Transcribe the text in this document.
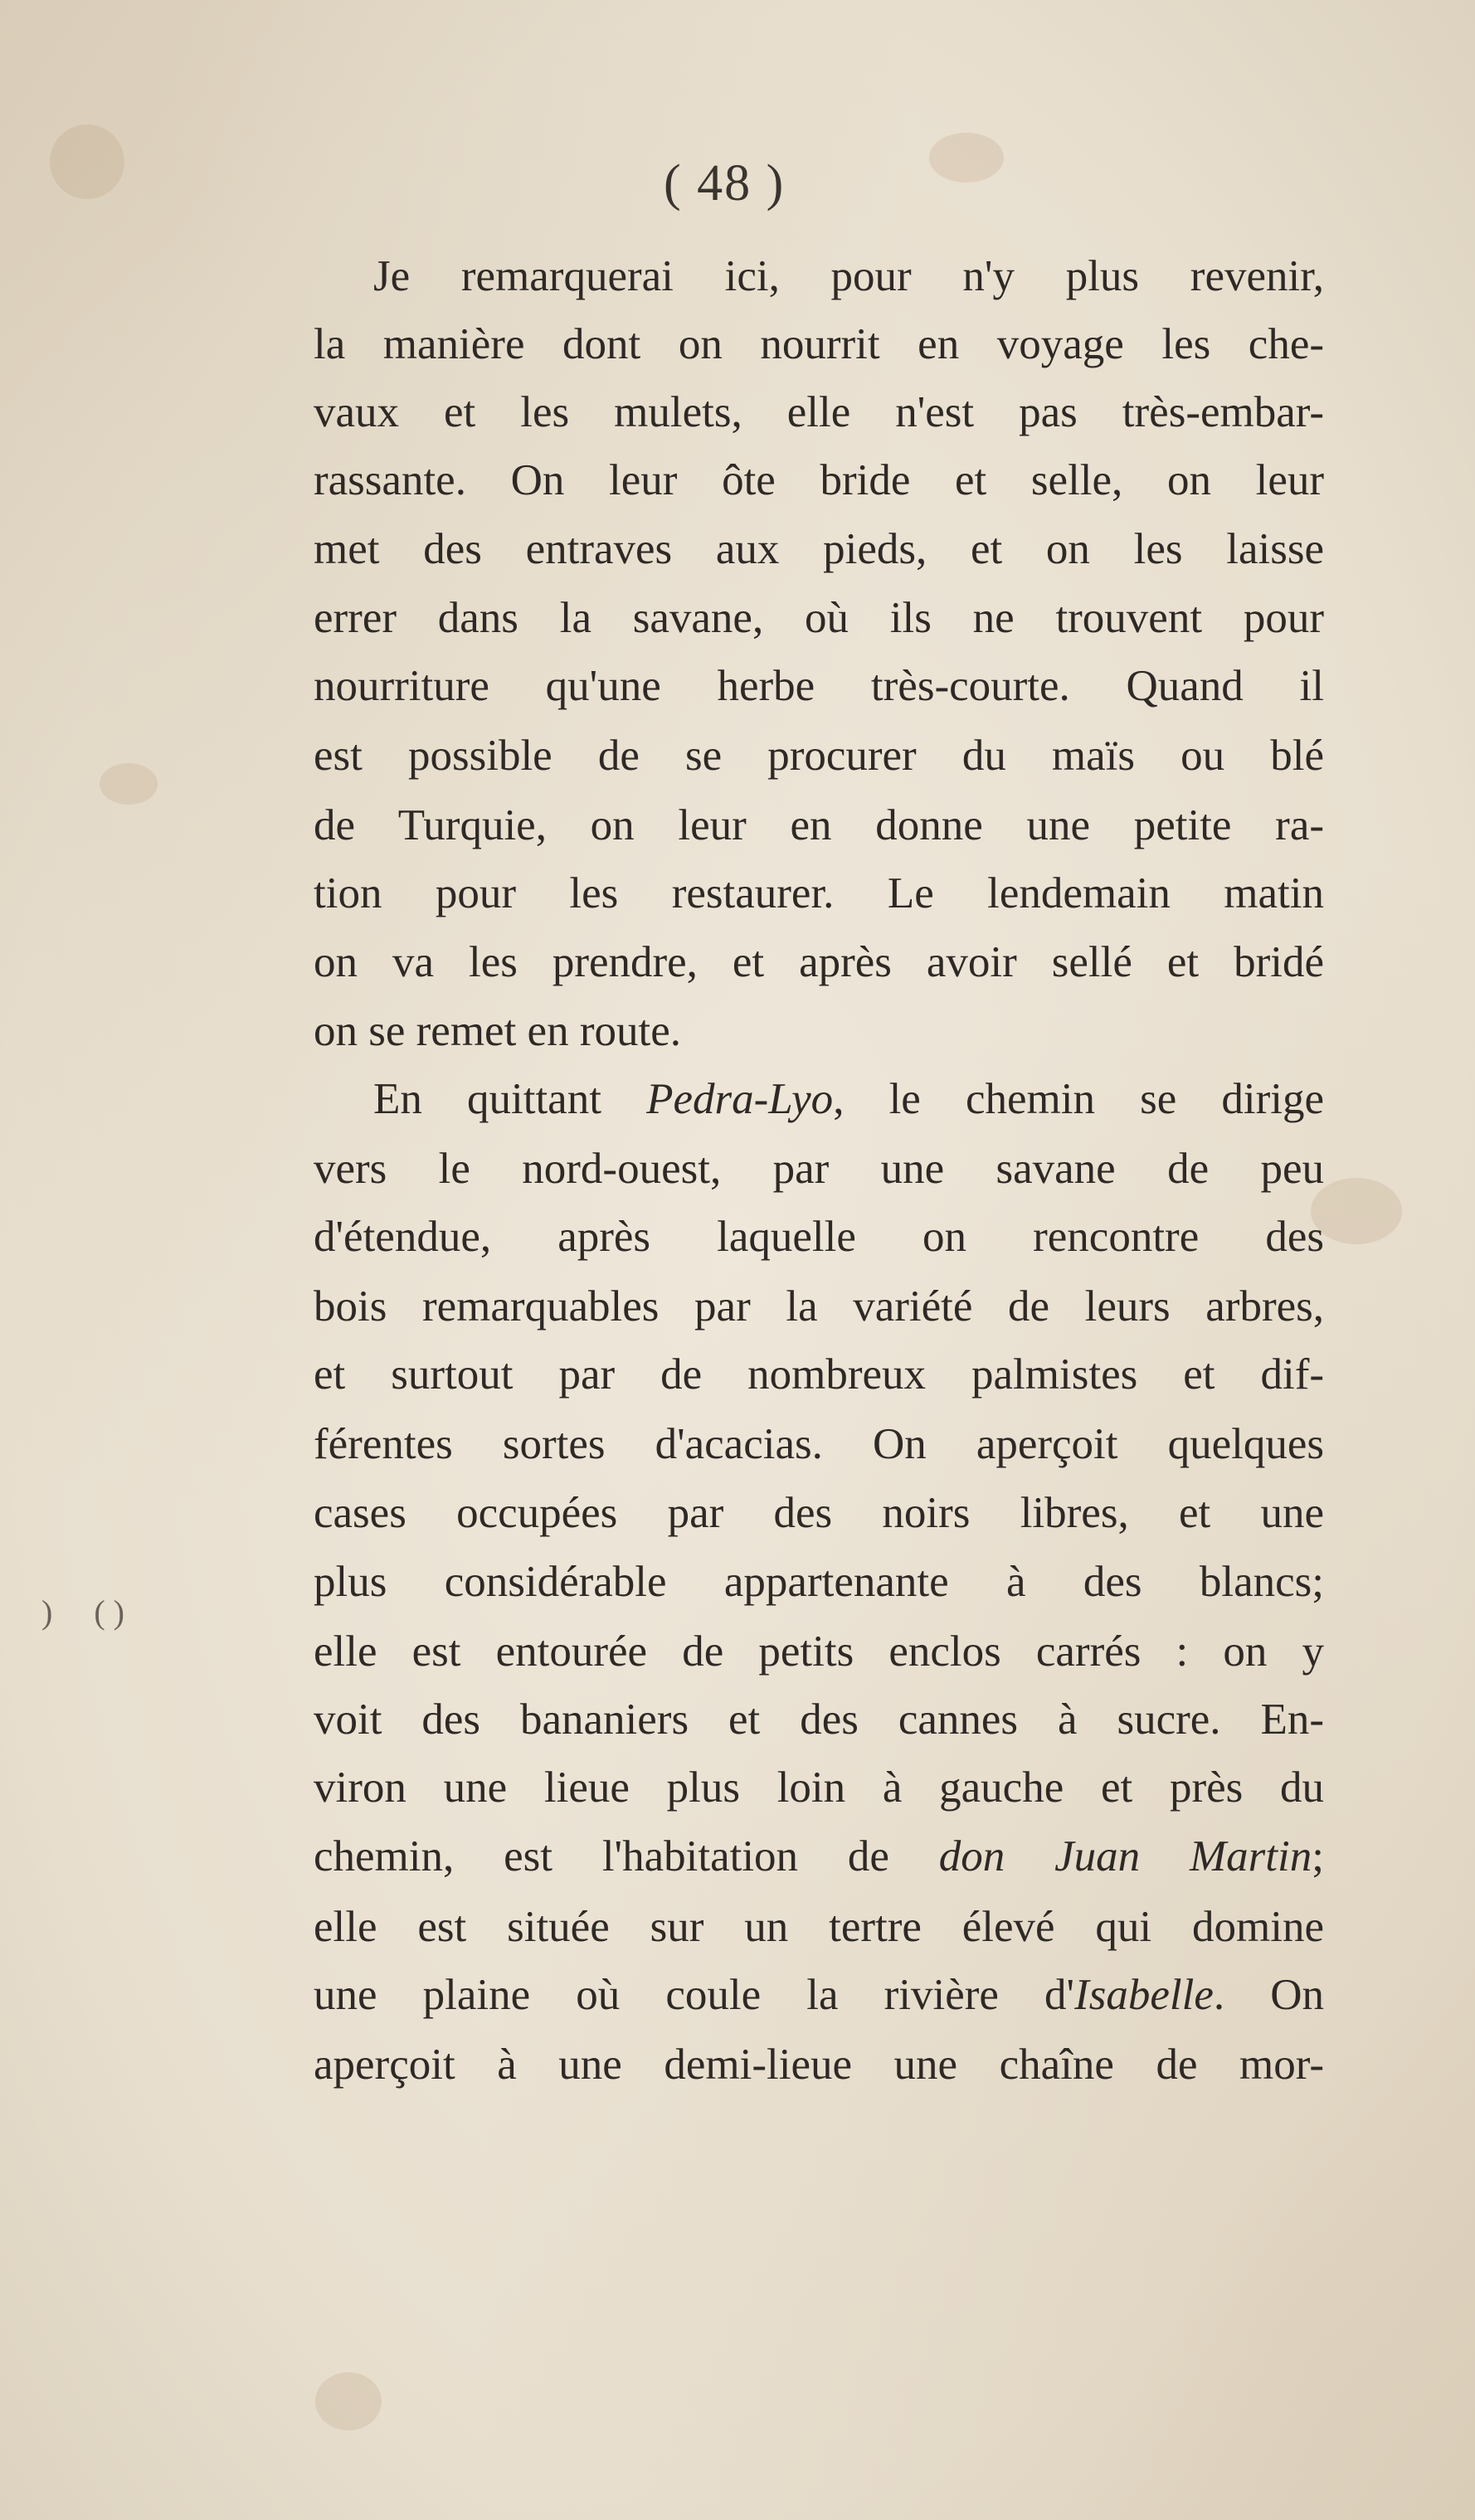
)     ( )
( 48 )
Je remarquerai ici, pour n'y plus revenir,
la manière dont on nourrit en voyage les che-
vaux et les mulets, elle n'est pas très-embar-
rassante. On leur ôte bride et selle, on leur
met des entraves aux pieds, et on les laisse
errer dans la savane, où ils ne trouvent pour
nourriture qu'une herbe très-courte. Quand il
est possible de se procurer du maïs ou blé
de Turquie, on leur en donne une petite ra-
tion pour les restaurer. Le lendemain matin
on va les prendre, et après avoir sellé et bridé
on se remet en route.
En quittant Pedra-Lyo, le chemin se dirige
vers le nord-ouest, par une savane de peu
d'étendue, après laquelle on rencontre des
bois remarquables par la variété de leurs arbres,
et surtout par de nombreux palmistes et dif-
férentes sortes d'acacias. On aperçoit quelques
cases occupées par des noirs libres, et une
plus considérable appartenante à des blancs;
elle est entourée de petits enclos carrés : on y
voit des bananiers et des cannes à sucre. En-
viron une lieue plus loin à gauche et près du
chemin, est l'habitation de don Juan Martin;
elle est située sur un tertre élevé qui domine
une plaine où coule la rivière d'Isabelle. On
aperçoit à une demi-lieue une chaîne de mor-
